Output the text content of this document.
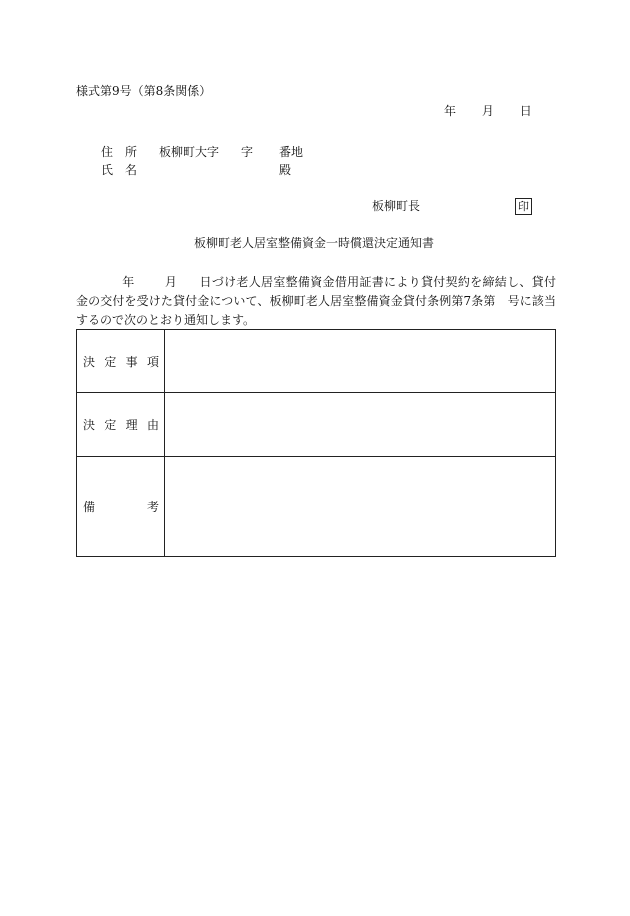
様式第9号（第8条関係）
年 月 日
住　所 板柳町大字 字 番地
氏　名	殿
板柳町長	印
板柳町老人居室整備資金一時償還決定通知書
年	月 日づけ老人居室整備資金借用証書により貸付契約を締結し、貸付金の交付を受けた貸付金について、板柳町老人居室整備資金貸付条例第7条第　号に該当するので次のとおり通知します。
決 定 事 項	

決 定 理 由	

備 考	
